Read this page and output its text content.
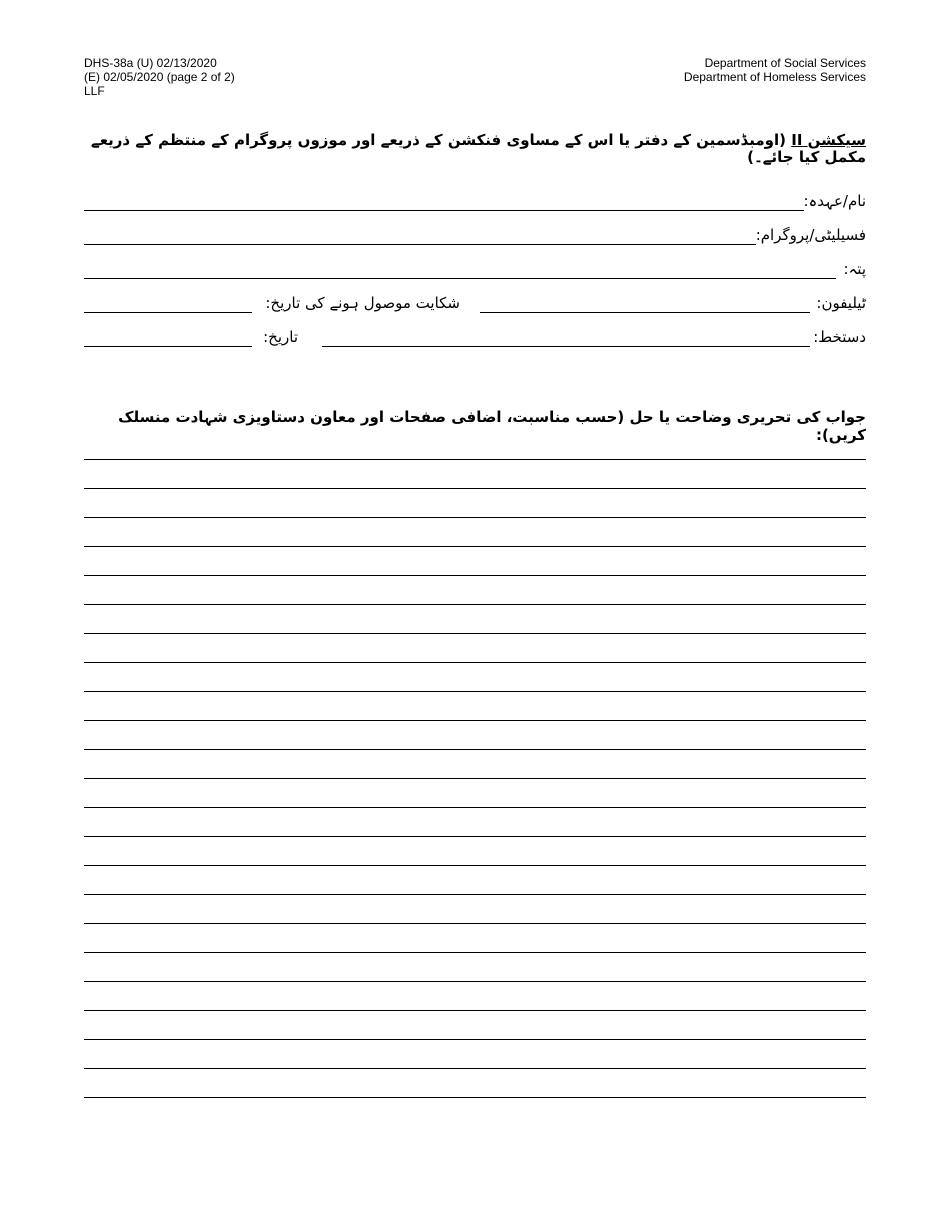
DHS-38a (U) 02/13/2020
(E) 02/05/2020 (page 2 of 2)
LLF
Department of Social Services
Department of Homeless Services
سیکشن II (اومبڈسمین کے دفتر یا اس کے مساوی فنکشن کے ذریعے اور موزوں پروگرام کے منتظم کے ذریعے مکمل کیا جائے۔)
نام/عہدہ:
فسیلیٹی/پروگرام:
پتہ:
ٹیلیفون:
شکایت موصول ہونے کی تاریخ:
دستخط:
تاریخ:
جواب کی تحریری وضاحت یا حل (حسب مناسبت، اضافی صفحات اور معاون دستاویزی شہادت منسلک کریں):
